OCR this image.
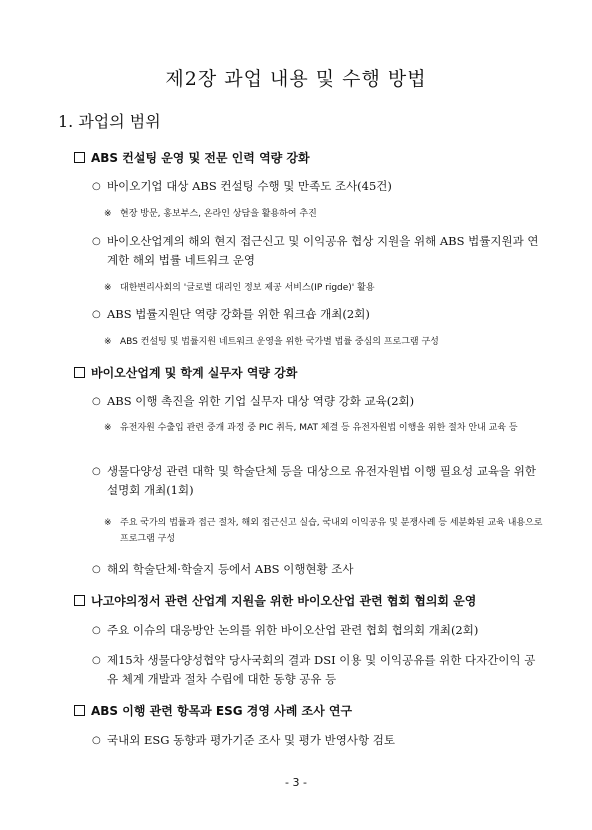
제2장 과업 내용 및 수행 방법
1. 과업의 범위
ABS 컨설팅 운영 및 전문 인력 역량 강화
○ 바이오기업 대상 ABS 컨설팅 수행 및 만족도 조사(45건)
※ 현장 방문, 홍보부스, 온라인 상담을 활용하여 추진
○ 바이오산업계의 해외 현지 접근신고 및 이익공유 협상 지원을 위해 ABS 법률지원과 연계한 해외 법률 네트워크 운영
※ 대한변리사회의 '글로벌 대리인 정보 제공 서비스(IP rigde)' 활용
○ ABS 법률지원단 역량 강화를 위한 워크숍 개최(2회)
※ ABS 컨설팅 및 법률지원 네트워크 운영을 위한 국가별 법률 중심의 프로그램 구성
바이오산업계 및 학계 실무자 역량 강화
○ ABS 이행 촉진을 위한 기업 실무자 대상 역량 강화 교육(2회)
※ 유전자원 수출입 관련 중개 과정 중 PIC 취득, MAT 체결 등 유전자원법 이행을 위한 절차 안내 교육 등
○ 생물다양성 관련 대학 및 학술단체 등을 대상으로 유전자원법 이행 필요성 교육을 위한 설명회 개최(1회)
※ 주요 국가의 법률과 접근 절차, 해외 접근신고 실습, 국내외 이익공유 및 분쟁사례 등 세분화된 교육 내용으로 프로그램 구성
○ 해외 학술단체·학술지 등에서 ABS 이행현황 조사
나고야의정서 관련 산업계 지원을 위한 바이오산업 관련 협회 협의회 운영
○ 주요 이슈의 대응방안 논의를 위한 바이오산업 관련 협회 협의회 개최(2회)
○ 제15차 생물다양성협약 당사국회의 결과 DSI 이용 및 이익공유를 위한 다자간이익 공유 체계 개발과 절차 수립에 대한 동향 공유 등
ABS 이행 관련 항목과 ESG 경영 사례 조사 연구
○ 국내외 ESG 동향과 평가기준 조사 및 평가 반영사항 검토
- 3 -
